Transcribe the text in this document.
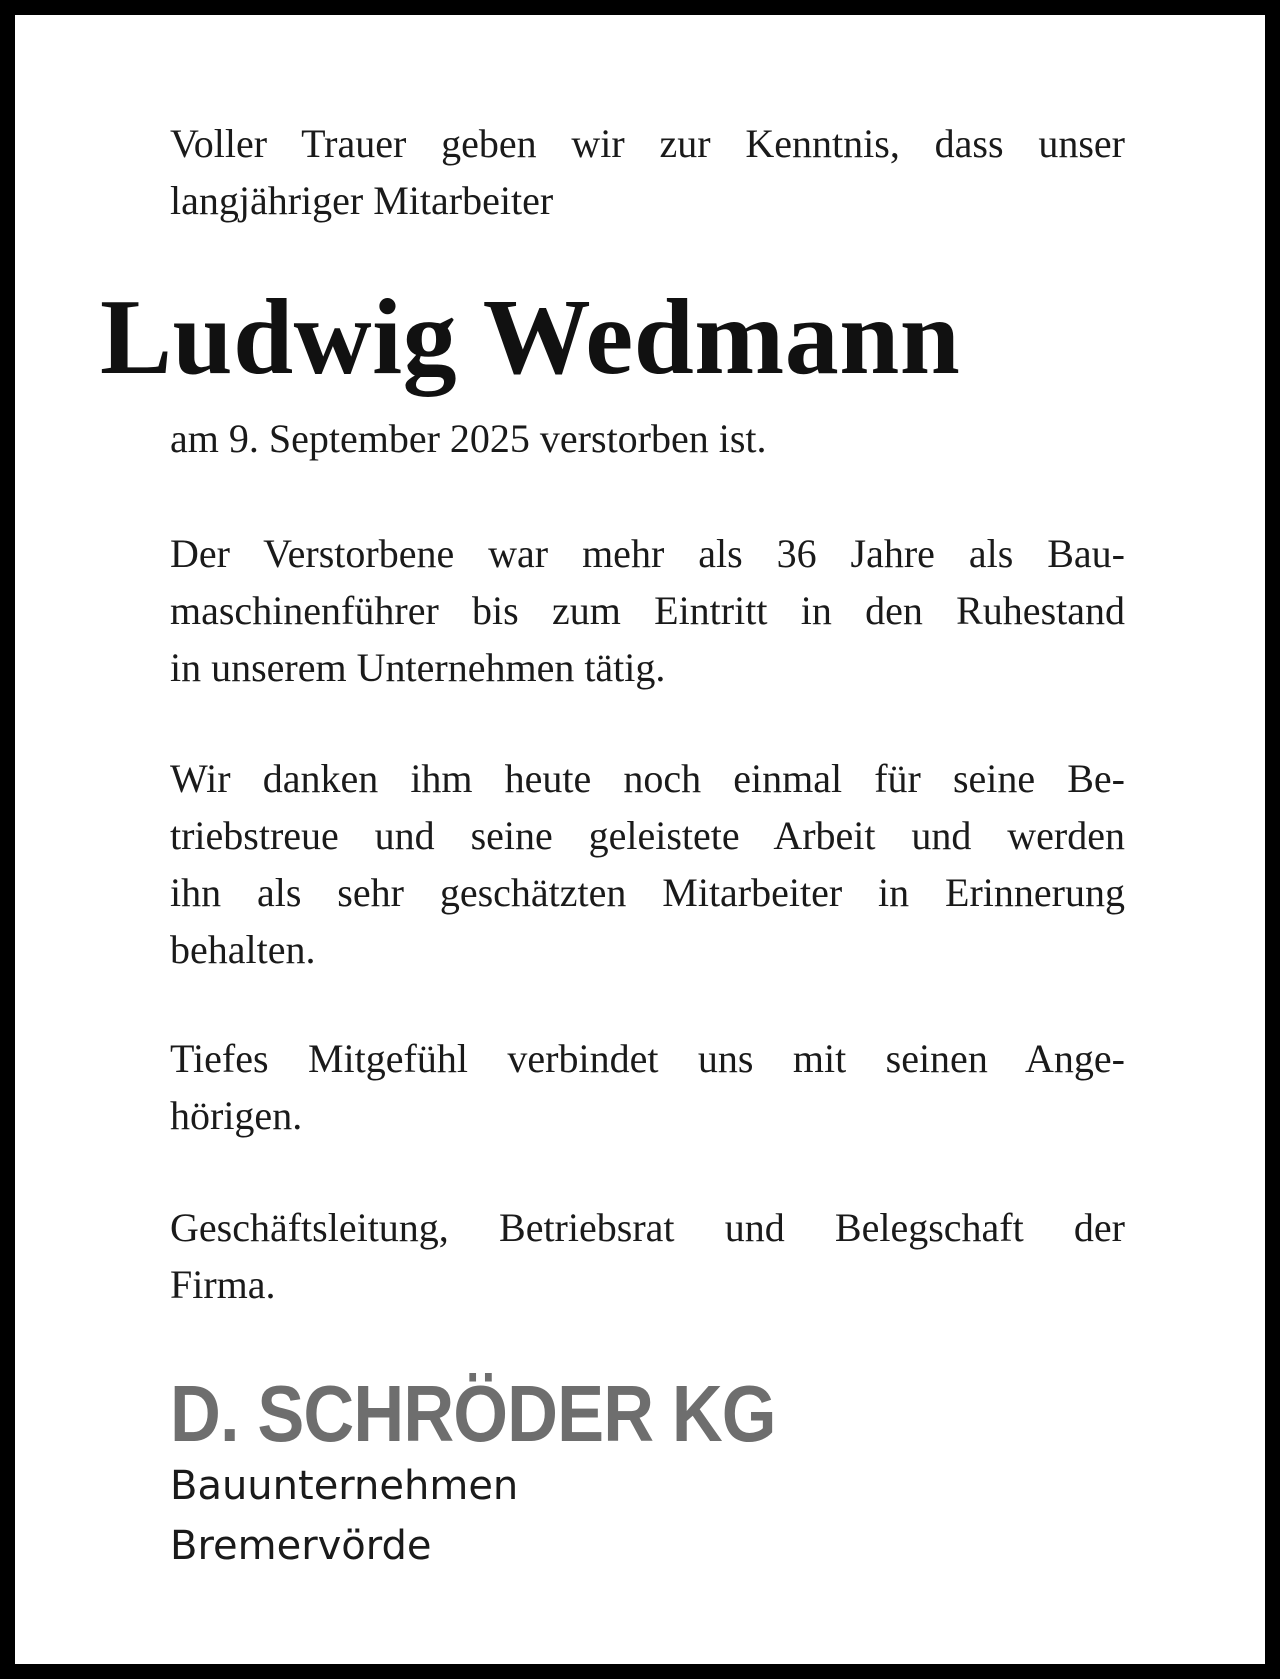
Voller Trauer geben wir zur Kenntnis, dass unser
langjähriger Mitarbeiter
Ludwig Wedmann
am 9. September 2025 verstorben ist.
Der Verstorbene war mehr als 36 Jahre als Bau-
maschinenführer bis zum Eintritt in den Ruhestand
in unserem Unternehmen tätig.
Wir danken ihm heute noch einmal für seine Be-
triebstreue und seine geleistete Arbeit und werden
ihn als sehr geschätzten Mitarbeiter in Erinnerung
behalten.
Tiefes Mitgefühl verbindet uns mit seinen Ange-
hörigen.
Geschäftsleitung, Betriebsrat und Belegschaft der
Firma.
D. SCHRÖDER KG
Bauunternehmen
Bremervörde
